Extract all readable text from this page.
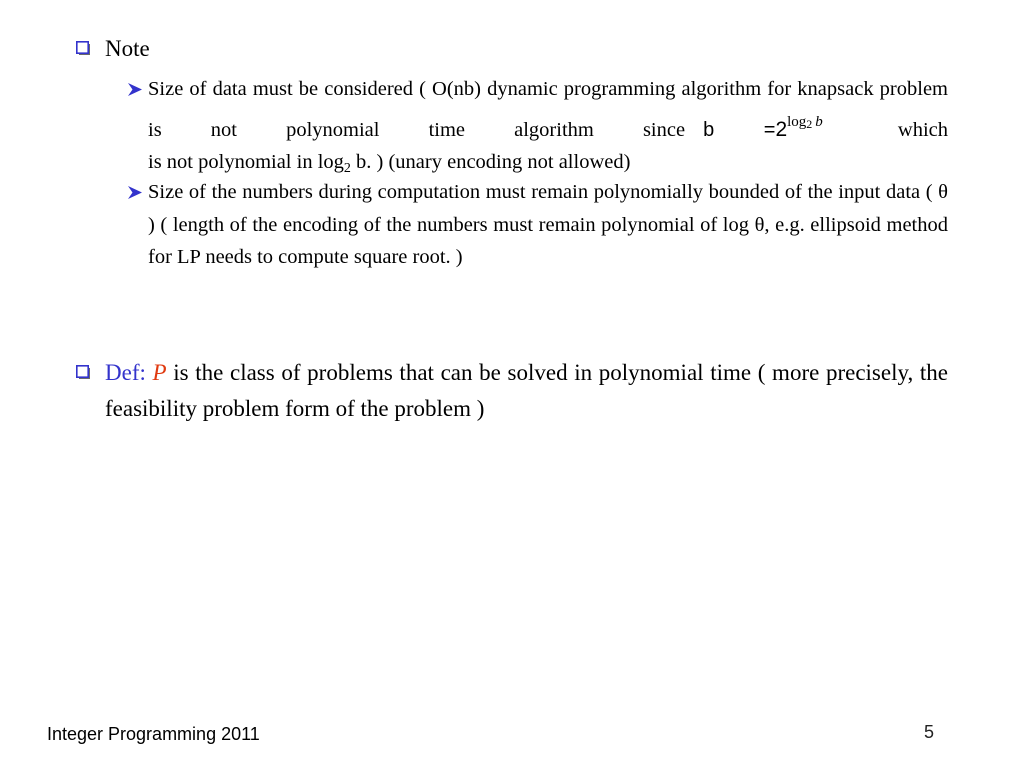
Note
Size of data must be considered ( O(nb) dynamic programming algorithm for knapsack problem is not polynomial time algorithm since $b =2^{log_2 b}$	which
is not polynomial in $\log_2 b$. ) (unary encoding not allowed)
Size of the numbers during computation must remain polynomially bounded of the input data ( θ ) ( length of the encoding of the numbers must remain polynomial of log θ, e.g. ellipsoid method for LP needs to compute square root. )
Def: P is the class of problems that can be solved in polynomial time ( more precisely, the feasibility problem form of the problem )
Integer Programming 2011	5
